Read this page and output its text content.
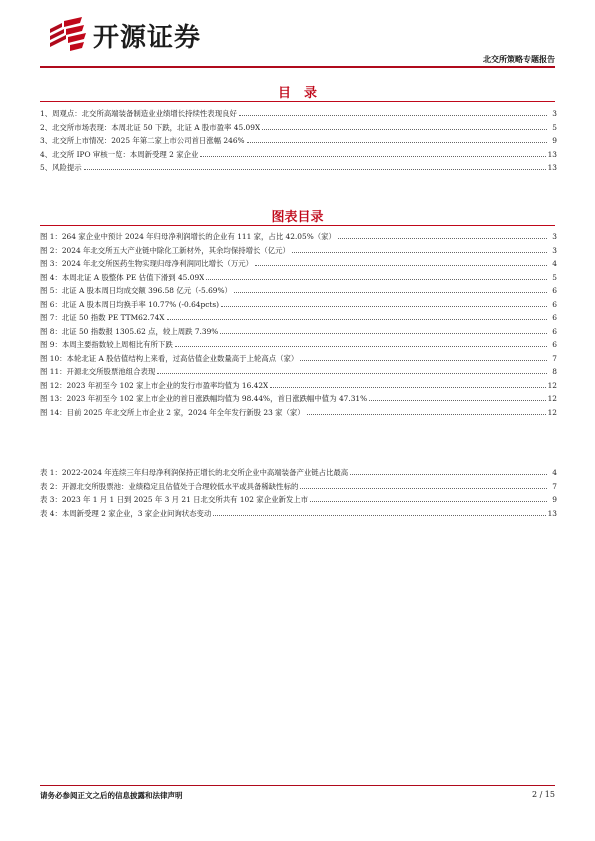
开源证券
北交所策略专题报告
目　录
1、 周观点：北交所高端装备制造业业绩增长持续性表现良好	3
2、 北交所市场表现：本周北证 50 下跌，北证 A 股市盈率 45.09X	5
3、 北交所上市情况：2025 年第二家上市公司首日涨幅 246%	9
4、 北交所 IPO 审核一览：本周新受理 2 家企业	13
5、 风险提示	13
图表目录
图 1： 264 家企业中预计 2024 年归母净利润增长的企业有 111 家，占比 42.05%（家）	3
图 2： 2024 年北交所五大产业链中除化工新材外，其余均保持增长（亿元）	3
图 3： 2024 年北交所医药生物实现归母净利润同比增长（万元）	4
图 4： 本周北证 A 股整体 PE 估值下滑到 45.09X	5
图 5： 北证 A 股本周日均成交额 396.58 亿元（-5.69%）	6
图 6： 北证 A 股本周日均换手率 10.77% (-0.64pcts)	6
图 7： 北证 50 指数 PE TTM62.74X	6
图 8： 北证 50 指数报 1305.62 点，较上周跌 7.39%	6
图 9： 本周主要指数较上周相比有所下跌	6
图 10： 本轮北证 A 股估值结构上来看，过高估值企业数量高于上轮高点（家）	7
图 11： 开源北交所股票池组合表现	8
图 12： 2023 年初至今 102 家上市企业的发行市盈率均值为 16.42X	12
图 13： 2023 年初至今 102 家上市企业的首日涨跌幅均值为 98.44%，首日涨跌幅中值为 47.31%	12
图 14： 目前 2025 年北交所上市企业 2 家，2024 年全年发行新股 23 家（家）	12
表 1： 2022-2024 年连续三年归母净利润保持正增长的北交所企业中高端装备产业链占比最高	4
表 2： 开源北交所股票池：业绩稳定且估值处于合理较低水平或具备稀缺性标的	7
表 3： 2023 年 1 月 1 日到 2025 年 3 月 21 日北交所共有 102 家企业新发上市	9
表 4： 本周新受理 2 家企业，3 家企业问询状态变动	13
请务必参阅正文之后的信息披露和法律声明	2 / 15
